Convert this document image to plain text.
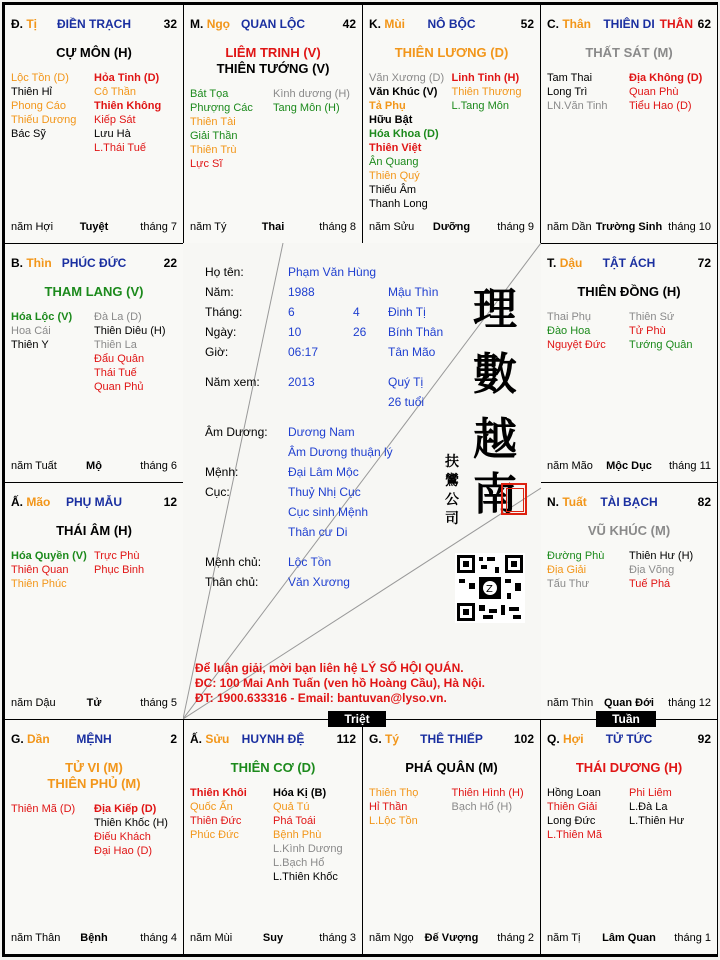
Đ. Tị	ĐIỀN TRẠCH	32
CỰ MÔN (H)
Lộc Tồn (D)
Thiên Hỉ
Phong Cáo
Thiếu Dương
Bác Sỹ
Hỏa Tinh (D)
Cô Thần
Thiên Không
Kiếp Sát
Lưu Hà
L.Thái Tuế
năm Hợi	Tuyệt	tháng 7
M. Ngọ QUAN LỘC	42
LIÊM TRINH (V)
THIÊN TƯỚNG (V)
Bát Tọa
Phượng Các
Thiên Tài
Giải Thần
Thiên Trù
Lực Sĩ
Kình dương (H)
Tang Môn (H)
năm Tý	Thai	tháng 8
K. Mùi	NÔ BỘC	52
THIÊN LƯƠNG (D)
Văn Xương (D)
Văn Khúc (V)
Tả Phụ
Hữu Bật
Hóa Khoa (D)
Thiên Việt
Ân Quang
Thiên Quý
Thiếu Âm
Thanh Long
Linh Tinh (H)
Thiên Thương
L.Tang Môn
năm Sửu	Dưỡng	tháng 9
C. Thân	THIÊN DI THÂN 62
THẤT SÁT (M)
Tam Thai
Long Trì
LN.Văn Tinh
Địa Không (D)
Quan Phù
Tiểu Hao (D)
năm Dần Trường Sinh tháng 10
B. Thìn PHÚC ĐỨC	22
THAM LANG (V)
Hóa Lộc (V)
Hoa Cái
Thiên Y
Đà La (D)
Thiên Diêu (H)
Thiên La
Đẩu Quân
Thái Tuế
Quan Phủ
năm Tuất	Mộ	tháng 6
T. Dậu	TẬT ÁCH	72
THIÊN ĐỒNG (H)
Thai Phụ
Đào Hoa
Nguyệt Đức
Thiên Sứ
Tử Phù
Tướng Quân
năm Mão	Mộc Dục	tháng 11
Ấ. Mão	PHỤ MẪU	12
THÁI ÂM (H)
Hóa Quyền (V)
Thiên Quan
Thiên Phúc
Trực Phù
Phục Binh
năm Dậu	Tử	tháng 5
N. Tuất	TÀI BẠCH	82
VŨ KHÚC (M)
Đường Phù
Địa Giải
Tấu Thư
Thiên Hư (H)
Địa Võng
Tuế Phá
năm Thìn Quan Đới	tháng 12
G. Dần	MỆNH	2
TỬ VI (M)
THIÊN PHỦ (M)
Thiên Mã (D)	Địa Kiếp (D)
Thiên Khốc (H)
Điếu Khách
Đại Hao (D)
năm Thân	Bệnh	tháng 4
Ấ. Sửu	HUYNH ĐỆ	112
THIÊN CƠ (D)
Thiên Khôi
Quốc Ấn
Thiên Đức
Phúc Đức
Hóa Kị (B)
Quả Tú
Phá Toái
Bệnh Phù
L.Kình Dương
L.Bạch Hổ
L.Thiên Khốc
năm Mùi	Suy	tháng 3
G. Tý	THÊ THIẾP	102
PHÁ QUÂN (M)
Thiên Thọ
Hỉ Thần
L.Lộc Tồn
Thiên Hình (H)
Bạch Hổ (H)
năm Ngọ	Đế Vượng	tháng 2
Q. Hợi	TỬ TỨC	92
THÁI DƯƠNG (H)
Hồng Loan
Thiên Giải
Long Đức
L.Thiên Mã
Phi Liêm
L.Đà La
L.Thiên Hư
năm Tị	Lâm Quan	tháng 1
Họ tên:	Phạm Văn Hùng
Năm:	1988	Mậu Thìn
Tháng:	6	4 Đinh Tị
Ngày:	10	26 Bính Thân
Giờ:	06:17	Tân Mão
Năm xem: 2013	Quý Tị
26 tuổi
Âm Dương: Dương Nam
Âm Dương thuận lý
Mệnh:	Đại Lâm Mộc
Cục:	Thuỷ Nhị Cục
Cục sinh Mệnh
Thân cư Di
Mệnh chủ: Lộc Tồn
Thân chủ: Văn Xương
理
數
越
南
扶
鸞
公
司
Z
Để luận giải, mời bạn liên hệ LÝ SỐ HỘI QUÁN.
ĐC: 100 Mai Anh Tuấn (ven hồ Hoàng Cầu), Hà Nội.
ĐT: 1900.633316 - Email: bantuvan@lyso.vn.
Triệt	Tuần
